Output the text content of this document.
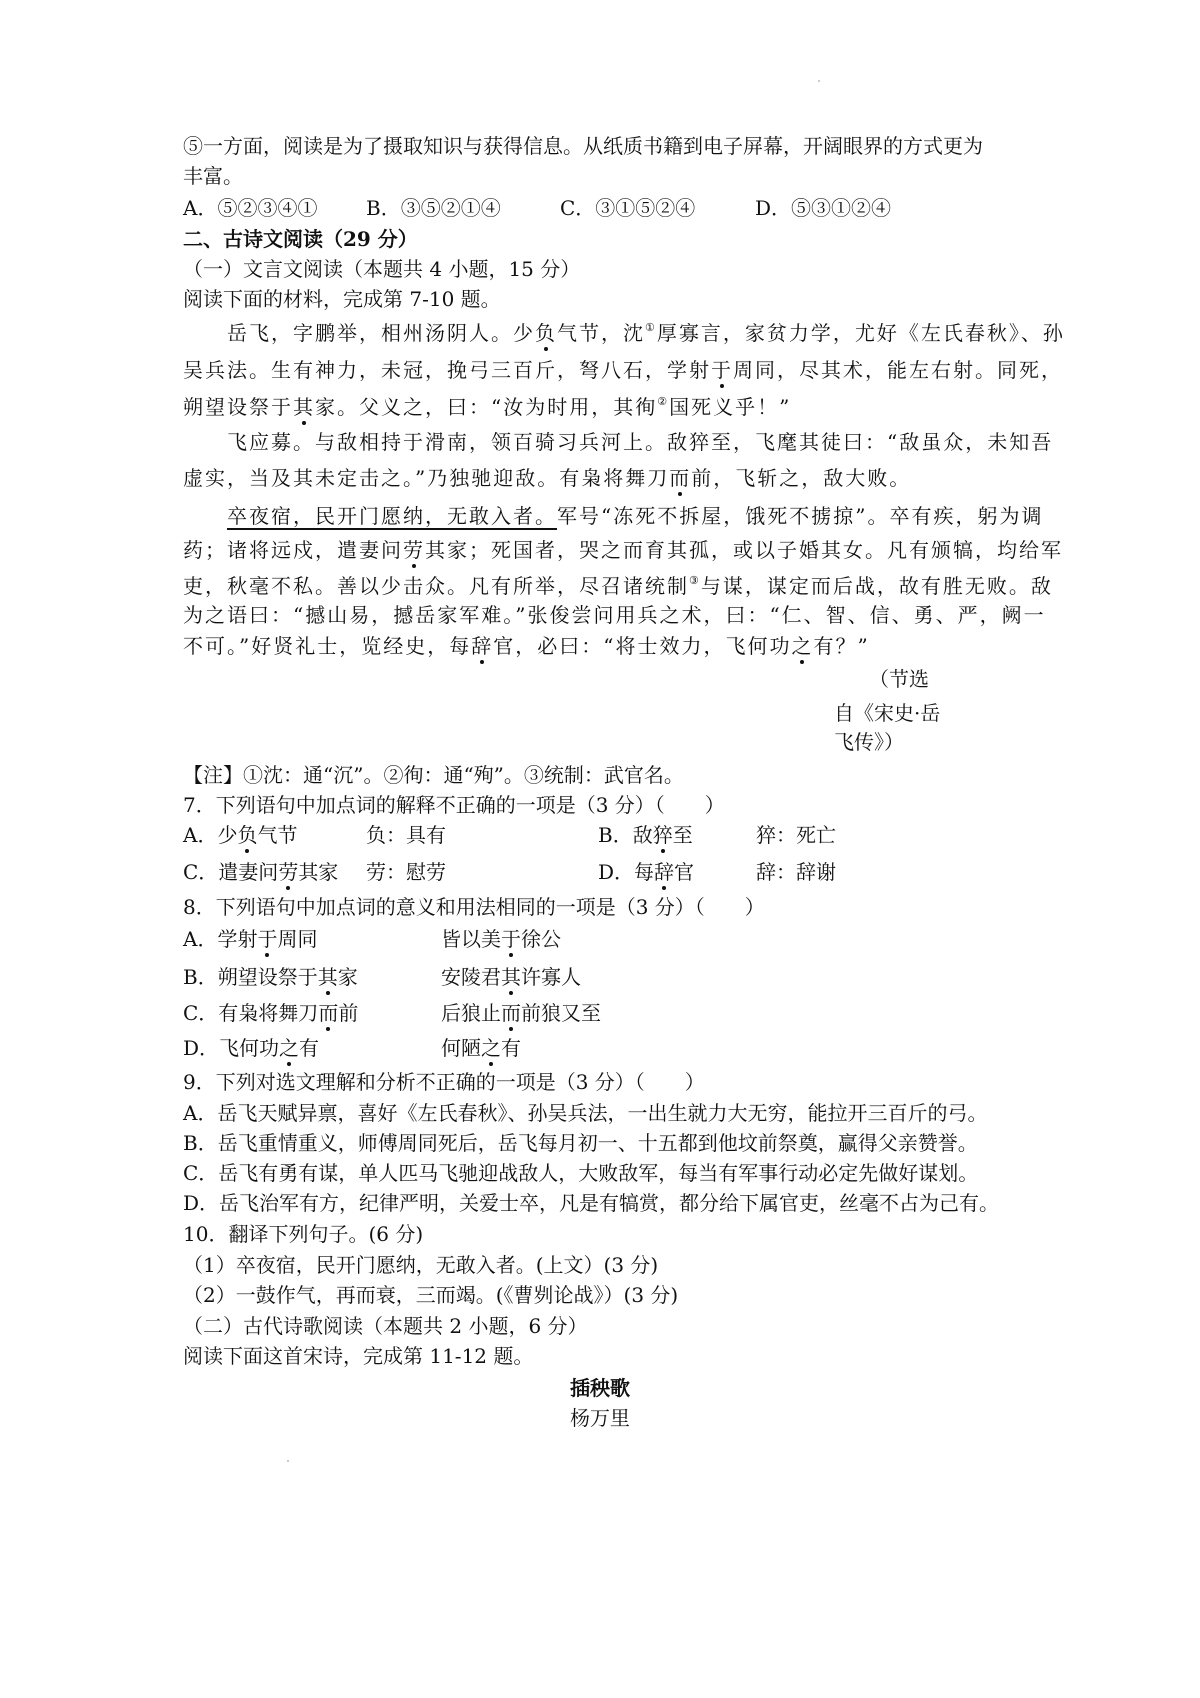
⑤一方面，阅读是为了摄取知识与获得信息。从纸质书籍到电子屏幕，开阔眼界的方式更为
丰富。
A．⑤②③④① B．③⑤②①④	C．③①⑤②④	D．⑤③①②④
二、古诗文阅读（29 分）
（一）文言文阅读（本题共 4 小题，15 分）
阅读下面的材料，完成第 7-10 题。
岳飞，字鹏举，相州汤阴人。少负气节，沈①厚寡言，家贫力学，尤好《左氏春秋》、孙
吴兵法。生有神力，未冠，挽弓三百斤，弩八石，学射于周同，尽其术，能左右射。同死，
朔望设祭于其家。父义之，曰：“汝为时用，其徇②国死义乎！”
飞应募。与敌相持于滑南，领百骑习兵河上。敌猝至，飞麾其徒曰：“敌虽众，未知吾
虚实，当及其未定击之。”乃独驰迎敌。有枭将舞刀而前，飞斩之，敌大败。
卒夜宿，民开门愿纳，无敢入者。军号“冻死不拆屋，饿死不掳掠”。卒有疾，躬为调
药；诸将远戍，遣妻问劳其家；死国者，哭之而育其孤，或以子婚其女。凡有颁犒，均给军
吏，秋毫不私。善以少击众。凡有所举，尽召诸统制③与谋，谋定而后战，故有胜无败。敌
为之语曰：“撼山易，撼岳家军难。”张俊尝问用兵之术，曰：“仁、智、信、勇、严，阙一
不可。”好贤礼士，览经史，每辞官，必曰：“将士效力，飞何功之有？”
（节选
自《宋史·岳
飞传》）
【注】①沈：通“沉”。②徇：通“殉”。③统制：武官名。
7．下列语句中加点词的解释不正确的一项是（3 分）（　　）
A．少负气节	负：具有	B．敌猝至	猝：死亡
C．遣妻问劳其家 劳：慰劳	D．每辞官	辞：辞谢
8．下列语句中加点词的意义和用法相同的一项是（3 分）（　　）
A．学射于周同	皆以美于徐公
B．朔望设祭于其家	安陵君其许寡人
C．有枭将舞刀而前	后狼止而前狼又至
D．飞何功之有	何陋之有
9．下列对选文理解和分析不正确的一项是（3 分）（　　）
A．岳飞天赋异禀，喜好《左氏春秋》、孙吴兵法，一出生就力大无穷，能拉开三百斤的弓。
B．岳飞重情重义，师傅周同死后，岳飞每月初一、十五都到他坟前祭奠，赢得父亲赞誉。
C．岳飞有勇有谋，单人匹马飞驰迎战敌人，大败敌军，每当有军事行动必定先做好谋划。
D．岳飞治军有方，纪律严明，关爱士卒，凡是有犒赏，都分给下属官吏，丝毫不占为己有。
10．翻译下列句子。(6 分)
（1）卒夜宿，民开门愿纳，无敢入者。(上文）(3 分)
（2）一鼓作气，再而衰，三而竭。(《曹刿论战》）(3 分)
（二）古代诗歌阅读（本题共 2 小题，6 分）
阅读下面这首宋诗，完成第 11-12 题。
插秧歌
杨万里
